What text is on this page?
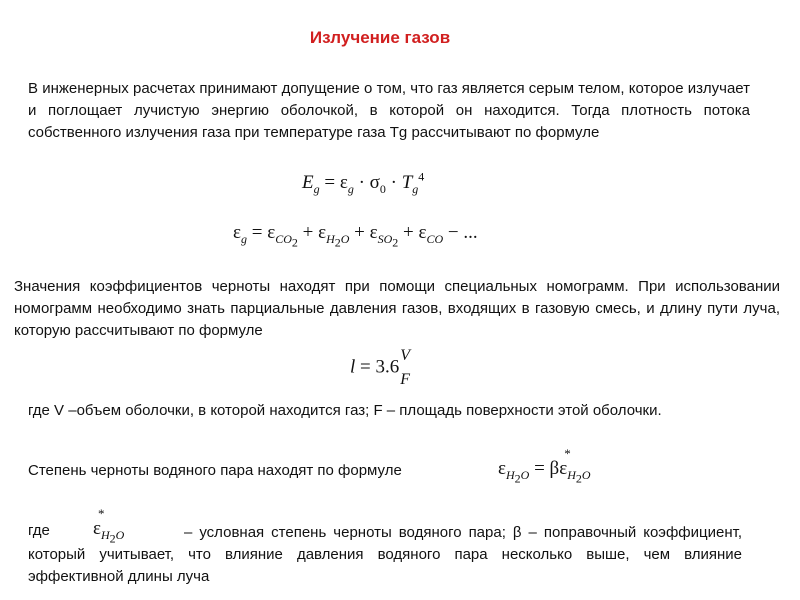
Излучение газов
В инженерных расчетах принимают допущение о том, что газ является серым телом, которое излучает и поглощает лучистую энергию оболочкой, в которой он находится. Тогда плотность потока собственного излучения газа при температуре газа Tg рассчитывают по формуле
$E_g = \varepsilon_g \cdot \sigma_0 \cdot T_g^4$
$\varepsilon_g = \varepsilon_{CO_2} + \varepsilon_{H_2O} + \varepsilon_{SO_2} + \varepsilon_{CO}$ − ...
Значения коэффициентов черноты находят при помощи специальных номограмм. При использовании номограмм необходимо знать парциальные давления газов, входящих в газовую смесь, и длину пути луча, которую рассчитывают по формуле
l = 3.6
V
F
где V –объем оболочки, в которой находится газ; F – площадь поверхности этой оболочки.
Степень черноты водяного пара находят по формуле	$\varepsilon_{H_2O} = \beta\varepsilon$
*
$_{H_2O}$
где ε
*
$_{H_2O}$	– условная степень черноты водяного пара; β – поправочный коэффициент, который учитывает, что влияние давления водяного пара несколько выше, чем влияние эффективной длины луча
